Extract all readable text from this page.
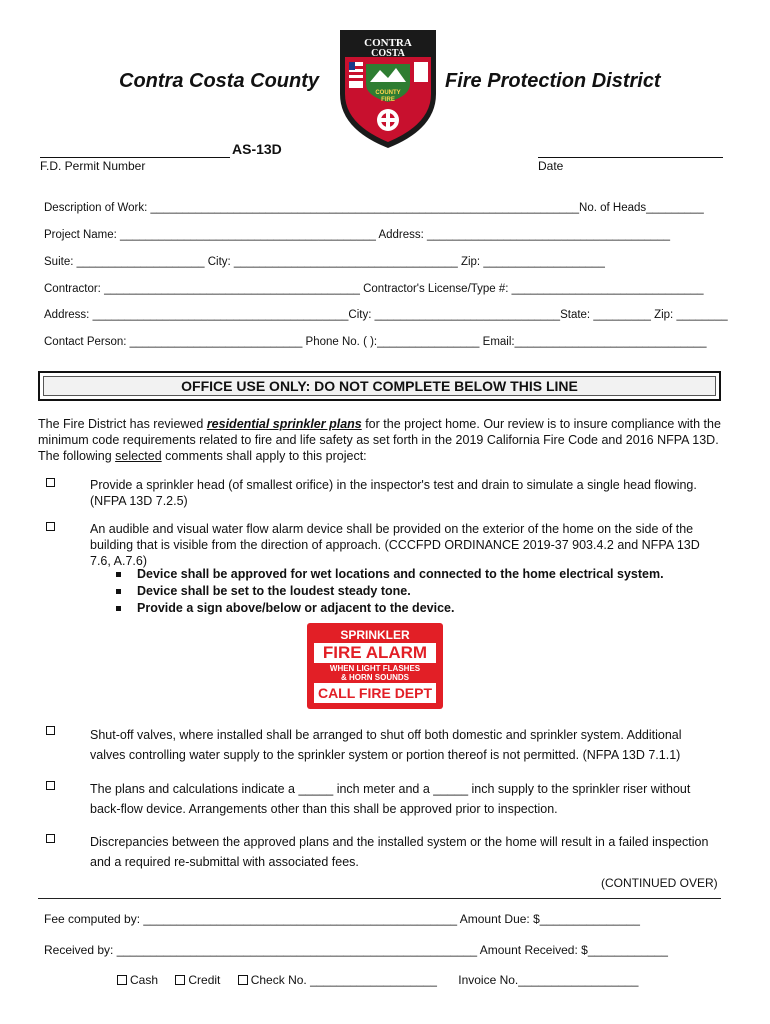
Contra Costa County	Fire Protection District
CONTRA
COSTA
COUNTY
FIRE
AS-13D
F.D. Permit Number	Date
Description of Work: ___________________________________________________________________No. of Heads_________
Project Name: ________________________________________ Address: ______________________________________
Suite: ____________________ City: ___________________________________ Zip: ___________________
Contractor: ________________________________________ Contractor's License/Type #: ______________________________
Address: ________________________________________City: _____________________________State: _________ Zip: ________
Contact Person: ___________________________ Phone No. ( ):________________ Email:______________________________
OFFICE USE ONLY: DO NOT COMPLETE BELOW THIS LINE
The Fire District has reviewed residential sprinkler plans for the project home. Our review is to insure compliance with the minimum code requirements related to fire and life safety as set forth in the 2019 California Fire Code and 2016 NFPA 13D. The following selected comments shall apply to this project:
Provide a sprinkler head (of smallest orifice) in the inspector's test and drain to simulate a single head flowing. (NFPA 13D 7.2.5)
An audible and visual water flow alarm device shall be provided on the exterior of the home on the side of the building that is visible from the direction of approach. (CCCFPD ORDINANCE 2019-37 903.4.2 and NFPA 13D 7.6, A.7.6)
Device shall be approved for wet locations and connected to the home electrical system.
Device shall be set to the loudest steady tone.
Provide a sign above/below or adjacent to the device.
SPRINKLER
FIRE ALARM
WHEN LIGHT FLASHES
& HORN SOUNDS
CALL FIRE DEPT
Shut-off valves, where installed shall be arranged to shut off both domestic and sprinkler system. Additional valves controlling water supply to the sprinkler system or portion thereof is not permitted. (NFPA 13D 7.1.1)
The plans and calculations indicate a _____ inch meter and a _____ inch supply to the sprinkler riser without back-flow device. Arrangements other than this shall be approved prior to inspection.
Discrepancies between the approved plans and the installed system or the home will result in a failed inspection and a required re-submittal with associated fees.
(CONTINUED OVER)
Fee computed by: _______________________________________________ Amount Due: $_______________
Received by: ______________________________________________________ Amount Received: $____________
Cash	Credit	Check No. ___________________ Invoice No.__________________
